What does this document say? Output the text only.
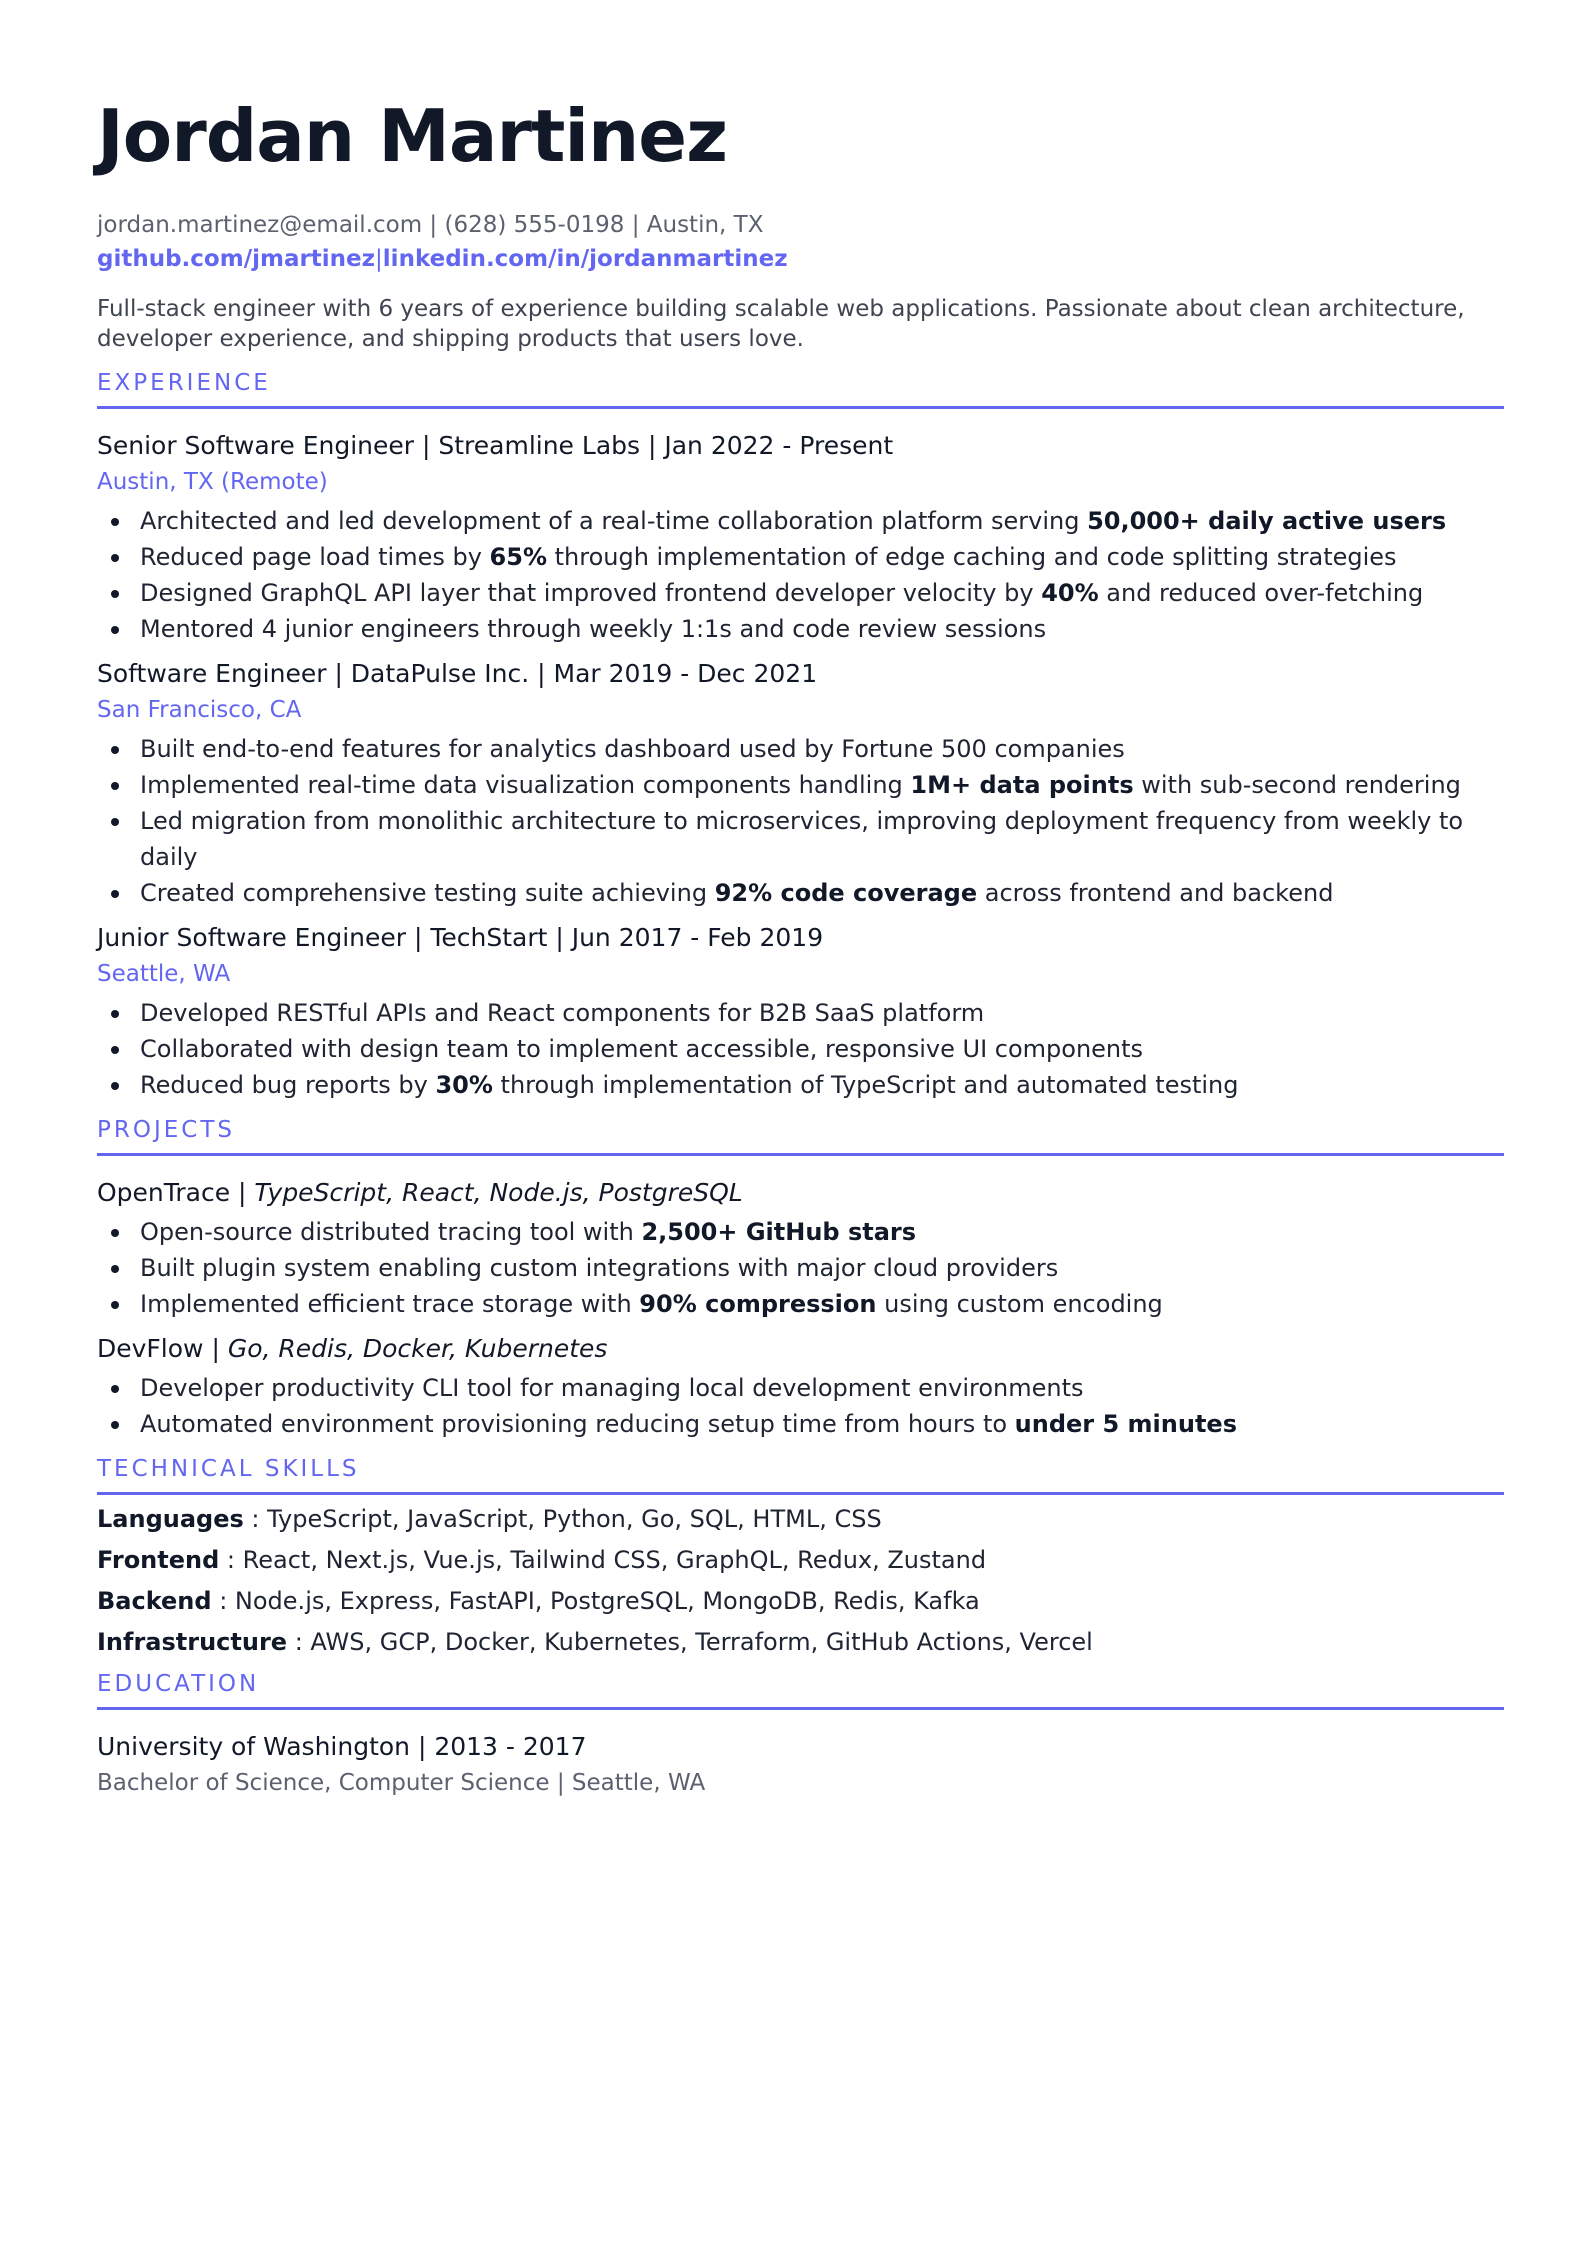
Jordan Martinez

jordan.martinez@email.com | (628) 555-0198 | Austin, TX

github.com/jmartinez|linkedin.com/in/jordanmartinez

Full-stack engineer with 6 years of experience building scalable web applications. Passionate about clean architecture, developer experience, and shipping products that users love.

EXPERIENCE

Senior Software Engineer | Streamline Labs | Jan 2022 - Present

Austin, TX (Remote)

Architected and led development of a real-time collaboration platform serving 50,000+ daily active users
Reduced page load times by 65% through implementation of edge caching and code splitting strategies
Designed GraphQL API layer that improved frontend developer velocity by 40% and reduced over-fetching
Mentored 4 junior engineers through weekly 1:1s and code review sessions

Software Engineer | DataPulse Inc. | Mar 2019 - Dec 2021

San Francisco, CA

Built end-to-end features for analytics dashboard used by Fortune 500 companies
Implemented real-time data visualization components handling 1M+ data points with sub-second rendering
Led migration from monolithic architecture to microservices, improving deployment frequency from weekly to daily
Created comprehensive testing suite achieving 92% code coverage across frontend and backend

Junior Software Engineer | TechStart | Jun 2017 - Feb 2019

Seattle, WA

Developed RESTful APIs and React components for B2B SaaS platform
Collaborated with design team to implement accessible, responsive UI components
Reduced bug reports by 30% through implementation of TypeScript and automated testing
PROJECTS

OpenTrace | TypeScript, React, Node.js, PostgreSQL

Open-source distributed tracing tool with 2,500+ GitHub stars
Built plugin system enabling custom integrations with major cloud providers
Implemented efficient trace storage with 90% compression using custom encoding

DevFlow | Go, Redis, Docker, Kubernetes

Developer productivity CLI tool for managing local development environments
Automated environment provisioning reducing setup time from hours to under 5 minutes
TECHNICAL SKILLS
Languages : TypeScript, JavaScript, Python, Go, SQL, HTML, CSS
Frontend : React, Next.js, Vue.js, Tailwind CSS, GraphQL, Redux, Zustand
Backend : Node.js, Express, FastAPI, PostgreSQL, MongoDB, Redis, Kafka
Infrastructure : AWS, GCP, Docker, Kubernetes, Terraform, GitHub Actions, Vercel
EDUCATION

University of Washington | 2013 - 2017

Bachelor of Science, Computer Science | Seattle, WA
